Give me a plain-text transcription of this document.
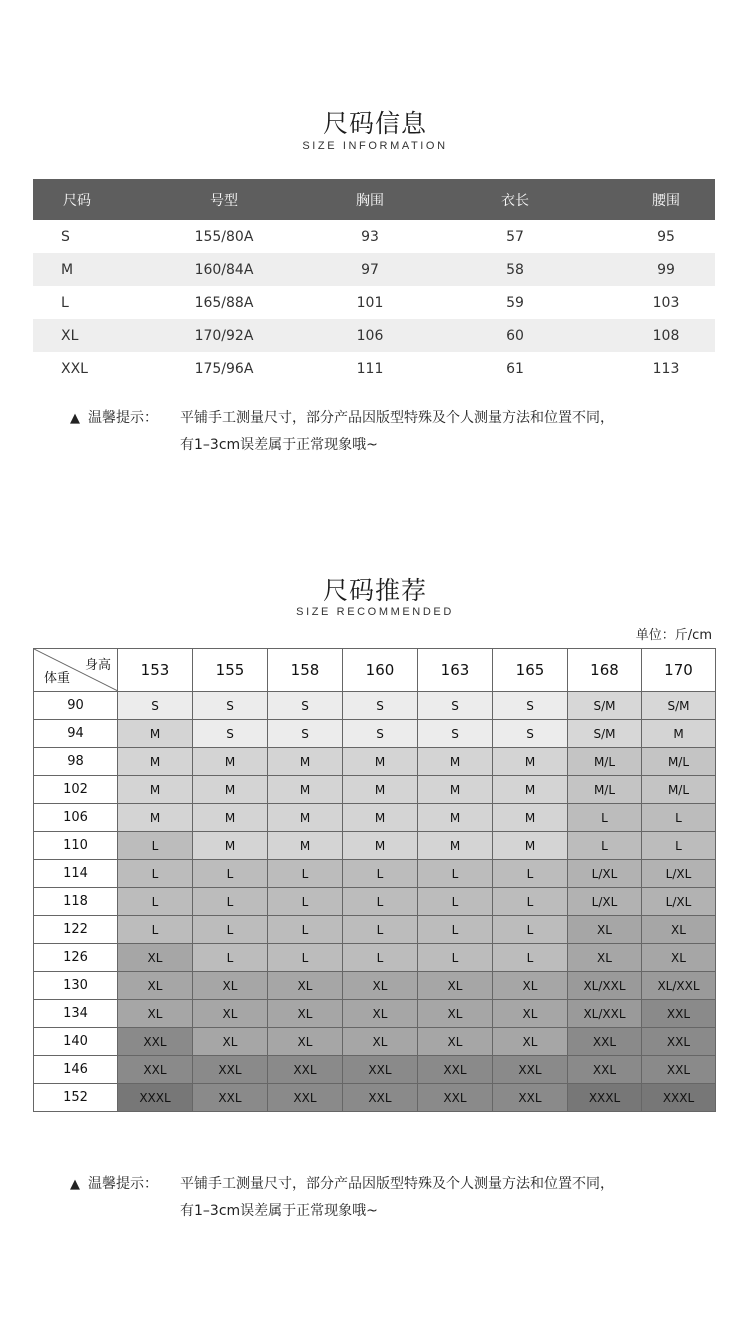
尺码信息
SIZE INFORMATION
尺码	号型	胸围	衣长	腰围
S	155/80A	93	57	95
M	160/84A	97	58	99
L	165/88A	101	59	103
XL	170/92A	106	60	108
XXL	175/96A	111	61	113
▲ 温馨提示： 平铺手工测量尺寸，部分产品因版型特殊及个人测量方法和位置不同，
有1–3cm误差属于正常现象哦~
尺码推荐
SIZE RECOMMENDED
单位：斤/cm
身高
体重	153	155	158	160	163	165	168	170
90	S	S	S	S	S	S	S/M	S/M
94	M	S	S	S	S	S	S/M	M
98	M	M	M	M	M	M	M/L	M/L
102	M	M	M	M	M	M	M/L	M/L
106	M	M	M	M	M	M	L	L
110	L	M	M	M	M	M	L	L
114	L	L	L	L	L	L	L/XL	L/XL
118	L	L	L	L	L	L	L/XL	L/XL
122	L	L	L	L	L	L	XL	XL
126	XL	L	L	L	L	L	XL	XL
130	XL	XL	XL	XL	XL	XL	XL/XXL	XL/XXL
134	XL	XL	XL	XL	XL	XL	XL/XXL	XXL
140	XXL	XL	XL	XL	XL	XL	XXL	XXL
146	XXL	XXL	XXL	XXL	XXL	XXL	XXL	XXL
152	XXXL	XXL	XXL	XXL	XXL	XXL	XXXL	XXXL
▲ 温馨提示： 平铺手工测量尺寸，部分产品因版型特殊及个人测量方法和位置不同，
有1–3cm误差属于正常现象哦~
